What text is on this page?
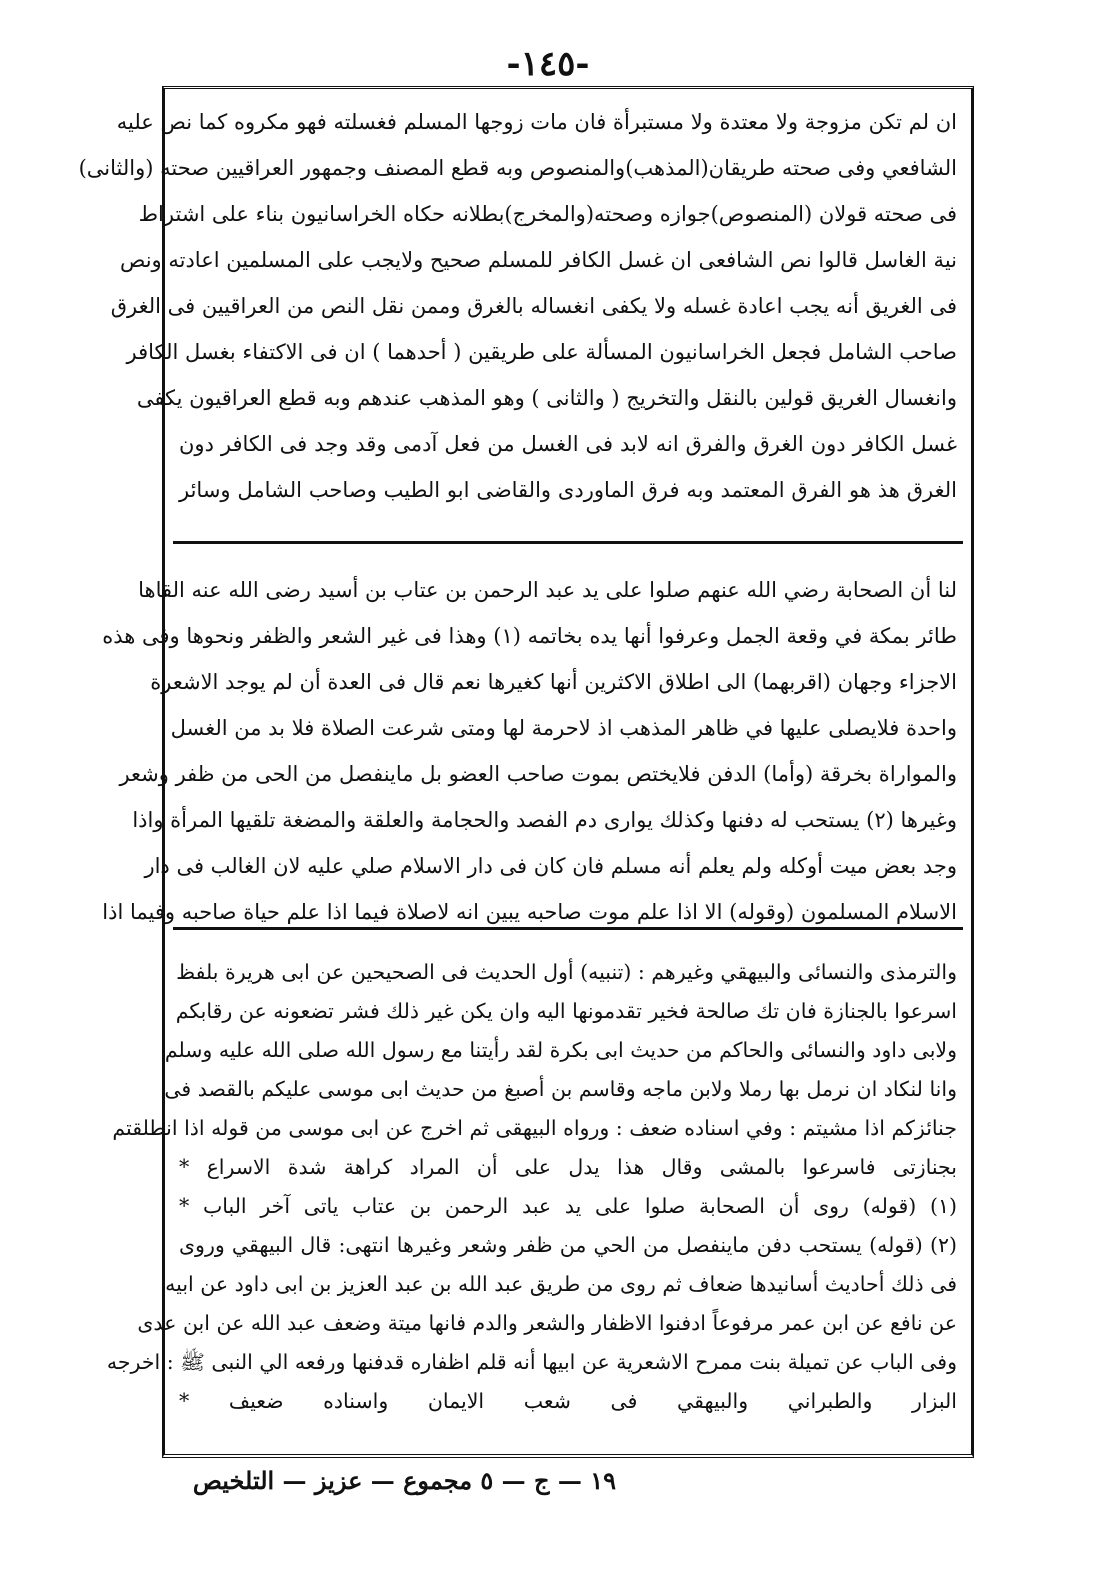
-١٤٥-
ان لم تكن مزوجة ولا معتدة ولا مستبرأة فان مات زوجها المسلم فغسلته فهو مكروه كما نص عليه
الشافعي وفى صحته طريقان(المذهب)والمنصوص وبه قطع المصنف وجمهور العراقيين صحته (والثانى)
فى صحته قولان (المنصوص)جوازه وصحته(والمخرج)بطلانه حكاه الخراسانيون بناء على اشتراط
نية الغاسل قالوا نص الشافعى ان غسل الكافر للمسلم صحيح ولايجب على المسلمين اعادته ونص
فى الغريق أنه يجب اعادة غسله ولا يكفى انغساله بالغرق وممن نقل النص من العراقيين فى الغرق
صاحب الشامل فجعل الخراسانيون المسألة على طريقين ( أحدهما ) ان فى الاكتفاء بغسل الكافر
وانغسال الغريق قولين بالنقل والتخريج ( والثانى ) وهو المذهب عندهم وبه قطع العراقيون يكفى
غسل الكافر دون الغرق والفرق انه لابد فى الغسل من فعل آدمى وقد وجد فى الكافر دون
الغرق هذ هو الفرق المعتمد وبه فرق الماوردى والقاضى ابو الطيب وصاحب الشامل وسائر
لنا أن الصحابة رضي الله عنهم صلوا على يد عبد الرحمن بن عتاب بن أسيد رضى الله عنه القاها
طائر بمكة في وقعة الجمل وعرفوا أنها يده بخاتمه (١) وهذا فى غير الشعر والظفر ونحوها وفى هذه
الاجزاء وجهان (اقربهما) الى اطلاق الاكثرين أنها كغيرها نعم قال فى العدة أن لم يوجد الاشعرة
واحدة فلايصلى عليها في ظاهر المذهب اذ لاحرمة لها ومتى شرعت الصلاة فلا بد من الغسل
والمواراة بخرقة (وأما) الدفن فلايختص بموت صاحب العضو بل ماينفصل من الحى من ظفر وشعر
وغيرها (٢) يستحب له دفنها وكذلك يوارى دم الفصد والحجامة والعلقة والمضغة تلقيها المرأة واذا
وجد بعض ميت أوكله ولم يعلم أنه مسلم فان كان فى دار الاسلام صلي عليه لان الغالب فى دار
الاسلام المسلمون (وقوله) الا اذا علم موت صاحبه يبين انه لاصلاة فيما اذا علم حياة صاحبه وفيما اذا
والترمذى والنسائى والبيهقي وغيرهم : (تنبيه) أول الحديث فى الصحيحين عن ابى هريرة بلفظ
اسرعوا بالجنازة فان تك صالحة فخير تقدمونها اليه وان يكن غير ذلك فشر تضعونه عن رقابكم
ولابى داود والنسائى والحاكم من حديث ابى بكرة لقد رأيتنا مع رسول الله صلى الله عليه وسلم
وانا لنكاد ان نرمل بها رملا ولابن ماجه وقاسم بن أصبغ من حديث ابى موسى عليكم بالقصد فى
جنائزكم اذا مشيتم : وفي اسناده ضعف : ورواه البيهقى ثم اخرج عن ابى موسى من قوله اذا انطلقتم
بجنازتى فاسرعوا بالمشى وقال هذا يدل على أن المراد كراهة شدة الاسراع *
(١) (قوله) روى أن الصحابة صلوا على يد عبد الرحمن بن عتاب ياتى آخر الباب *
(٢) (قوله) يستحب دفن ماينفصل من الحي من ظفر وشعر وغيرها انتهى: قال البيهقي وروى
فى ذلك أحاديث أسانيدها ضعاف ثم روى من طريق عبد الله بن عبد العزيز بن ابى داود عن ابيه
عن نافع عن ابن عمر مرفوعاً ادفنوا الاظفار والشعر والدم فانها ميتة وضعف عبد الله عن ابن عدى
وفى الباب عن تميلة بنت ممرح الاشعرية عن ابيها أنه قلم اظفاره قدفنها ورفعه الي النبى ﷺ : اخرجه
البزار والطبراني والبيهقي فى شعب الايمان واسناده ضعيف *
١٩ — ج — ٥ مجموع — عزيز — التلخيص
